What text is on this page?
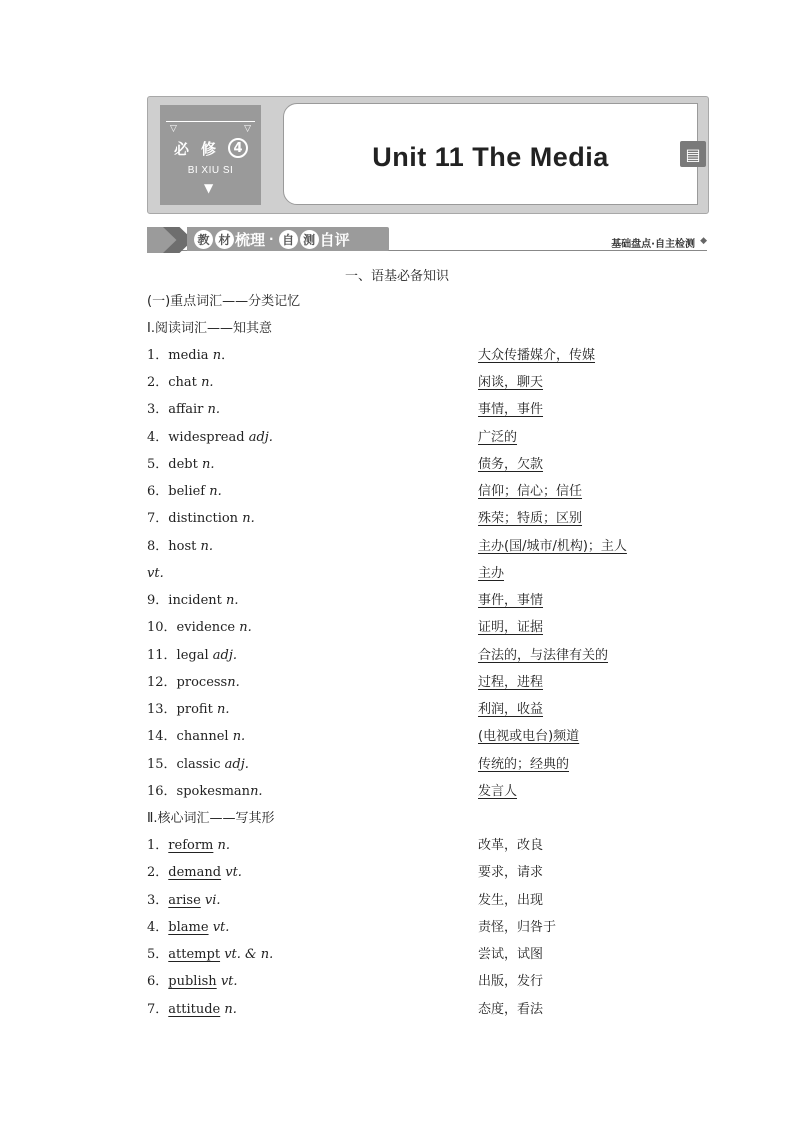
▽	▽
必 修	4
BI XIU SI
▼
Unit 11 The Media	▤
教 材 梳理 · 自 测 自评	基础盘点·自主检测 ◆
一、语基必备知识
(一)重点词汇——分类记忆
Ⅰ.阅读词汇——知其意
1．media n．	大众传播媒介，传媒
2．chat n.	闲谈，聊天
3．affair n.	事情，事件
4．widespread adj.	广泛的
5．debt n.	债务，欠款
6．belief n.	信仰；信心；信任
7．distinction n.	殊荣；特质；区别
8．host n.	主办(国/城市/机构)；主人
vt.	主办
9．incident n.	事件，事情
10．evidence n.	证明，证据
11．legal adj.	合法的，与法律有关的
12．processn.	过程，进程
13．profit n.	利润，收益
14．channel n.	(电视或电台)频道
15．classic adj.	传统的；经典的
16．spokesmann.	发言人
Ⅱ.核心词汇——写其形
1．reform n.	改革，改良
2．demand vt.	要求，请求
3．arise vi.	发生，出现
4．blame vt.	责怪，归咎于
5．attempt vt. & n.	尝试，试图
6．publish vt.	出版，发行
7．attitude n.	态度，看法
